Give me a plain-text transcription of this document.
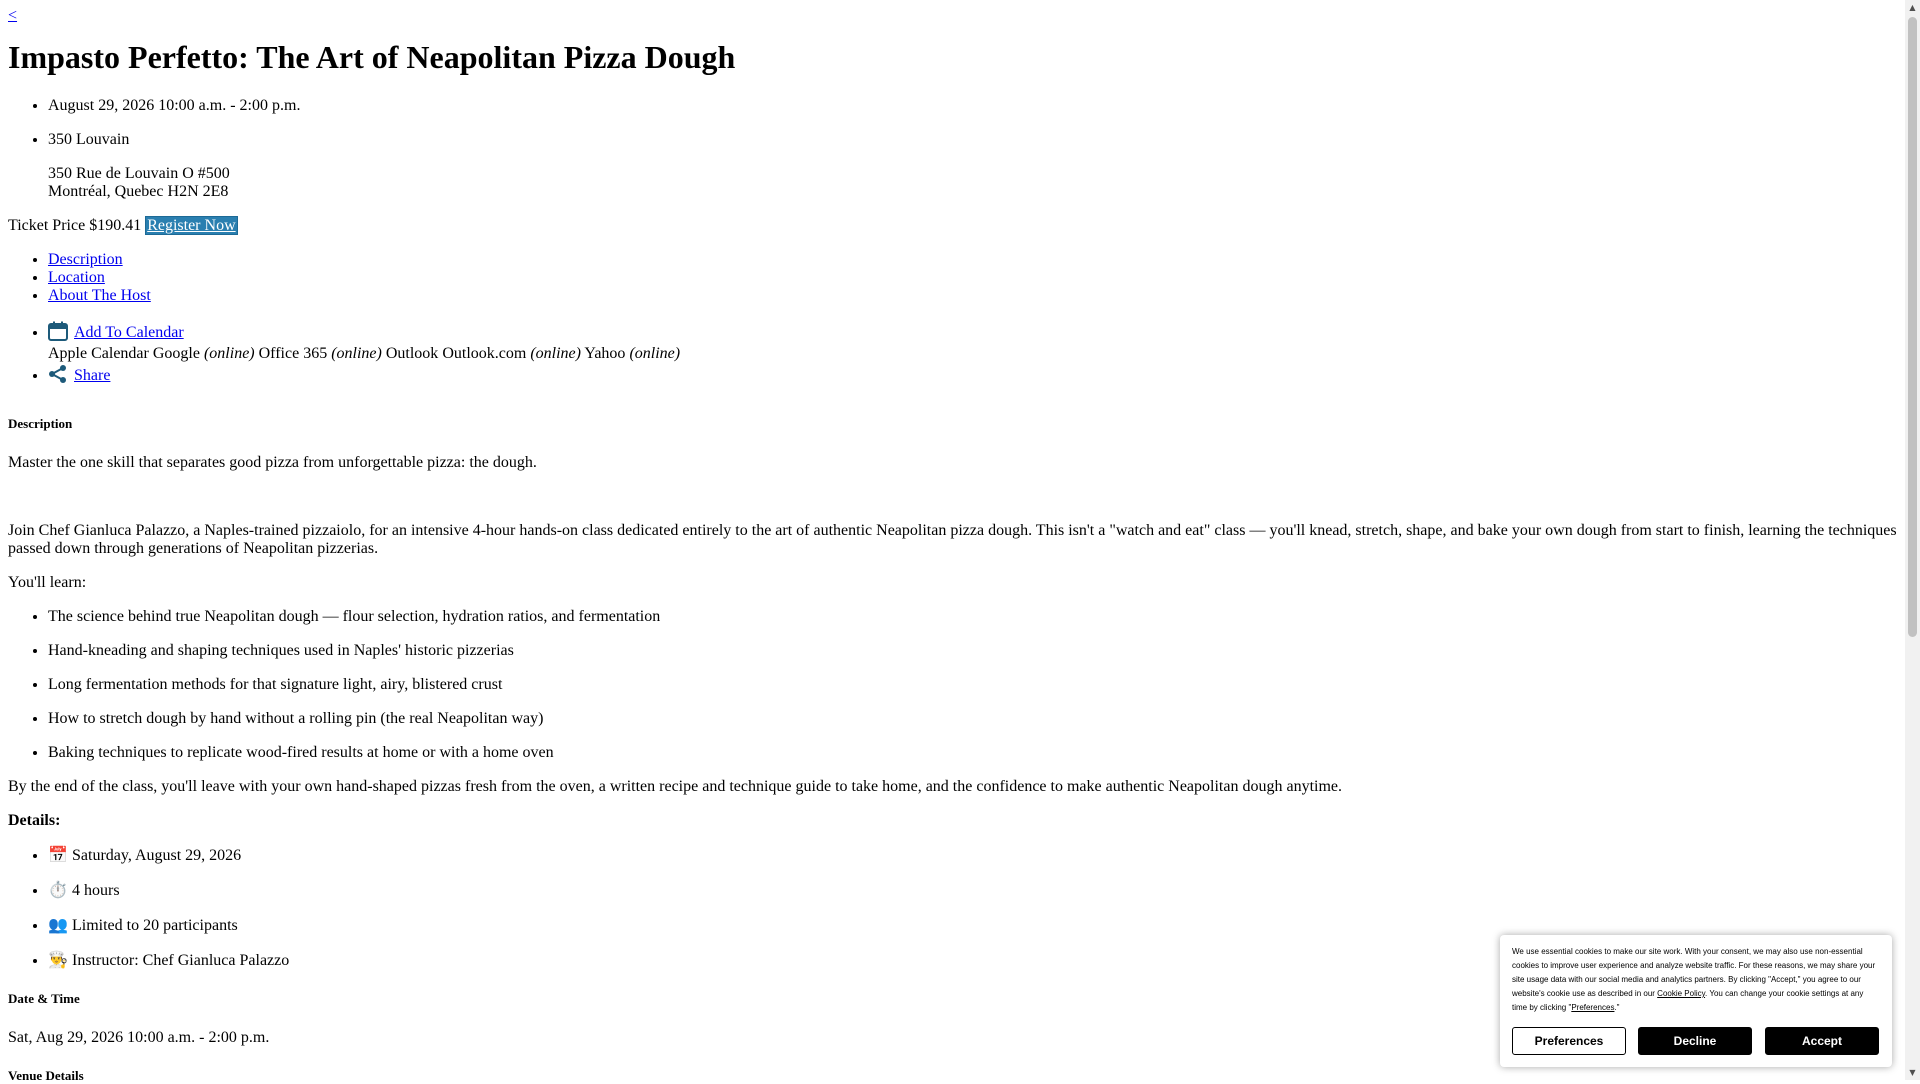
<
Impasto Perfetto: The Art of Neapolitan Pizza Dough
• August 29, 2026 10:00 a.m. - 2:00 p.m.
• 350 Louvain
350 Rue de Louvain O #500
Montréal, Quebec H2N 2E8
Ticket Price $190.41 Register Now
• Description
• Location
• About The Host
• Add To Calendar
Apple Calendar Google (online) Office 365 (online) Outlook Outlook.com (online) Yahoo (online)
• Share
Description

Master the one skill that separates good pizza from unforgettable pizza: the dough.

Join Chef Gianluca Palazzo, a Naples-trained pizzaiolo, for an intensive 4-hour hands-on class dedicated entirely to the art of authentic Neapolitan pizza dough. This isn't a "watch and eat" class — you'll knead, stretch, shape, and bake your own dough from start to finish, learning the techniques passed down through generations of Neapolitan pizzerias.

You'll learn:

• The science behind true Neapolitan dough — flour selection, hydration ratios, and fermentation
• Hand-kneading and shaping techniques used in Naples' historic pizzerias
• Long fermentation methods for that signature light, airy, blistered crust
• How to stretch dough by hand without a rolling pin (the real Neapolitan way)
• Baking techniques to replicate wood-fired results at home or with a home oven

By the end of the class, you'll leave with your own hand-shaped pizzas fresh from the oven, a written recipe and technique guide to take home, and the confidence to make authentic Neapolitan dough anytime.

Details:

• 📅 Saturday, August 29, 2026
• ⏱️ 4 hours
• 👥 Limited to 20 participants
• 👨‍🍳 Instructor: Chef Gianluca Palazzo
Date & Time

Sat, Aug 29, 2026 10:00 a.m. - 2:00 p.m.

Venue Details
▲
▼
We use essential cookies to make our site work. With your consent, we may also use non-essential cookies to improve user experience and analyze website traffic. For these reasons, we may share your site usage data with our social media and analytics partners. By clicking "Accept," you agree to our website's cookie use as described in our Cookie Policy. You can change your cookie settings at any time by clicking "Preferences."
Preferences	Decline	Accept
